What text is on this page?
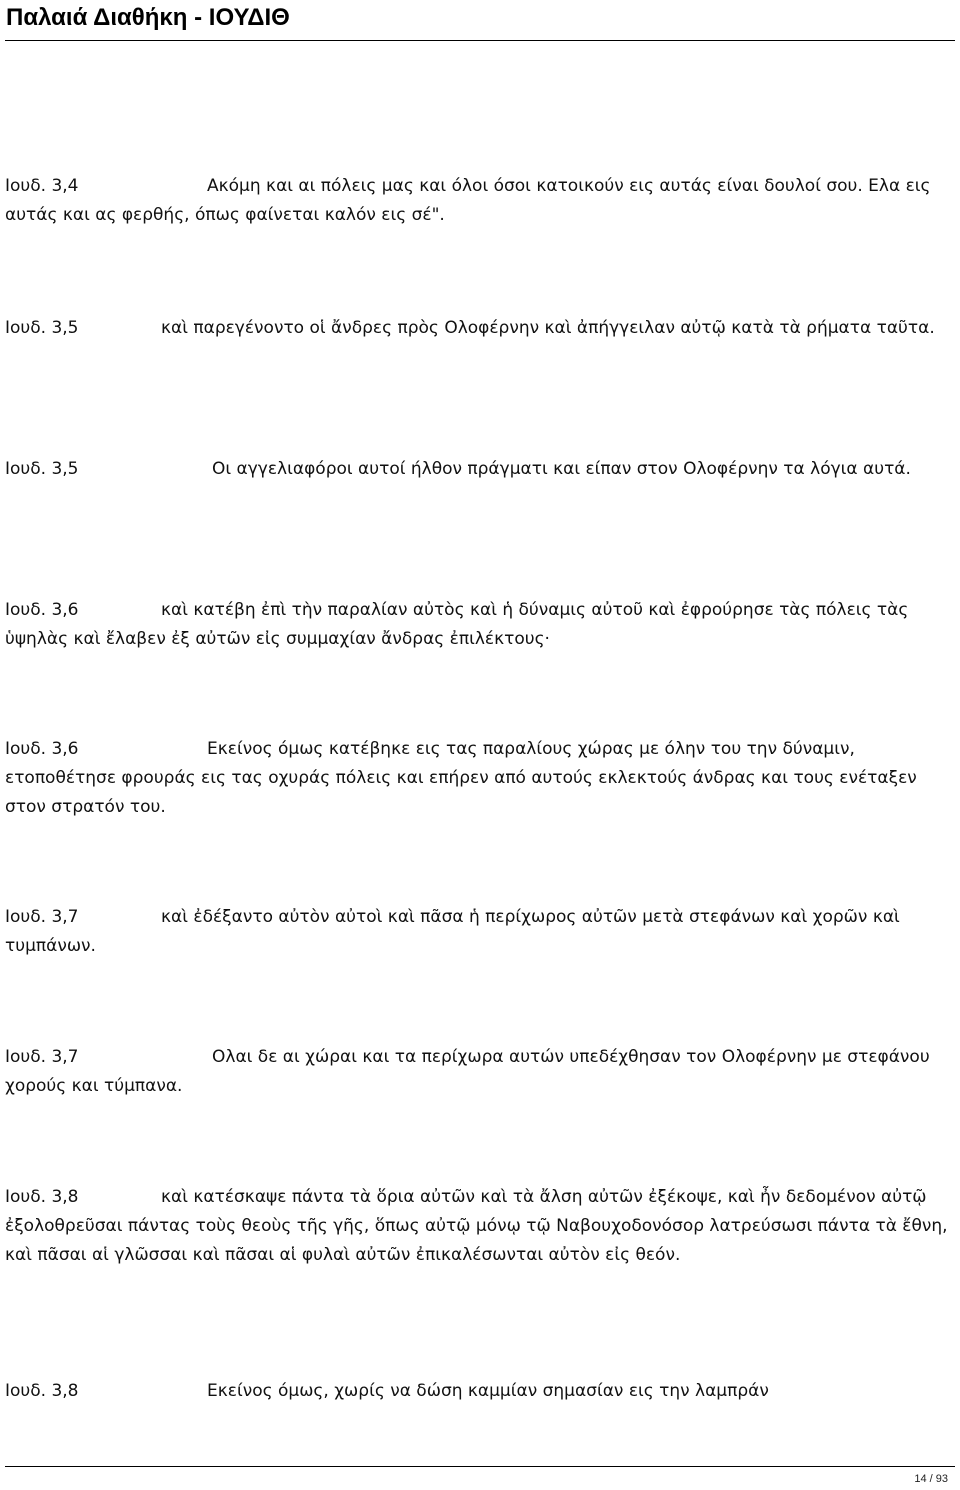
Παλαιά Διαθήκη - ΙΟΥΔΙΘ

Ιουδ. 3,4	Ακόμη και αι πόλεις μας και όλοι όσοι κατοικούν εις αυτάς είναι δουλοί σου. Ελα εις αυτάς και ας φερθής, όπως φαίνεται καλόν εις σέ".

Ιουδ. 3,5	καὶ παρεγένοντο οἱ ἄνδρες πρὸς Ολοφέρνην καὶ ἀπήγγειλαν αὐτῷ κατὰ τὰ ρήματα ταῦτα.

Ιουδ. 3,5	Οι αγγελιαφόροι αυτοί ήλθον πράγματι και είπαν στον Ολοφέρνην τα λόγια αυτά.

Ιουδ. 3,6	καὶ κατέβη ἐπὶ τὴν παραλίαν αὐτὸς καὶ ἡ δύναμις αὐτοῦ καὶ ἐφρούρησε τὰς πόλεις τὰς ὑψηλὰς καὶ ἔλαβεν ἐξ αὐτῶν εἰς συμμαχίαν ἄνδρας ἐπιλέκτους·

Ιουδ. 3,6	Εκείνος όμως κατέβηκε εις τας παραλίους χώρας με όλην του την δύναμιν, ετοποθέτησε φρουράς εις τας οχυράς πόλεις και επήρεν από αυτούς εκλεκτούς άνδρας και τους ενέταξεν στον στρατόν του.

Ιουδ. 3,7	καὶ ἐδέξαντο αὐτὸν αὐτοὶ καὶ πᾶσα ἡ περίχωρος αὐτῶν μετὰ στεφάνων καὶ χορῶν καὶ τυμπάνων.

Ιουδ. 3,7	Ολαι δε αι χώραι και τα περίχωρα αυτών υπεδέχθησαν τον Ολοφέρνην με στεφάνου χορούς και τύμπανα.

Ιουδ. 3,8	καὶ κατέσκαψε πάντα τὰ ὅρια αὐτῶν καὶ τὰ ἄλση αὐτῶν ἐξέκοψε, καὶ ἦν δεδομένον αὐτῷ ἐξολοθρεῦσαι πάντας τοὺς θεοὺς τῆς γῆς, ὅπως αὐτῷ μόνῳ τῷ Ναβουχοδονόσορ λατρεύσωσι πάντα τὰ ἔθνη, καὶ πᾶσαι αἱ γλῶσσαι καὶ πᾶσαι αἱ φυλαὶ αὐτῶν ἐπικαλέσωνται αὐτὸν εἰς θεόν.

Ιουδ. 3,8	Εκείνος όμως, χωρίς να δώση καμμίαν σημασίαν εις την λαμπράν

14 / 93
